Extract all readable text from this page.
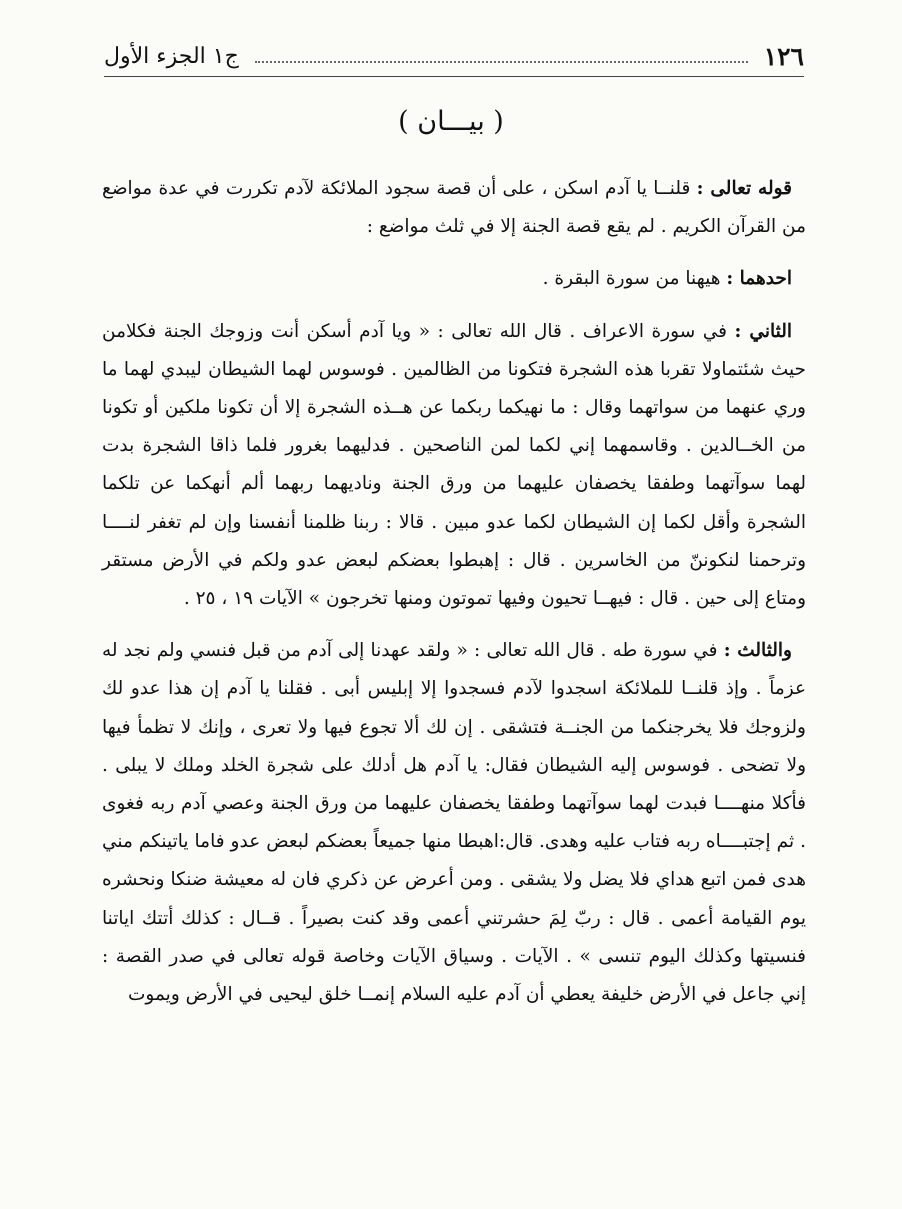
١٢٦
ج١ الجزء الأول
( بيـــان )

قوله تعالى : قلنــا يا آدم اسكن ، على أن قصة سجود الملائكة لآدم تكررت في عدة مواضع من القرآن الكريم . لم يقع قصة الجنة إلا في ثلث مواضع :

احدهما : هيهنا من سورة البقرة .

الثاني : في سورة الاعراف . قال الله تعالى : « ويا آدم أسكن أنت وزوجك الجنة فكلامن حيث شئتماولا تقربا هذه الشجرة فتكونا من الظالمين . فوسوس لهما الشيطان ليبدي لهما ما وري عنهما من سواتهما وقال : ما نهيكما ربكما عن هــذه الشجرة إلا أن تكونا ملكين أو تكونا من الخــالدين . وقاسمهما إني لكما لمن الناصحين . فدليهما بغرور فلما ذاقا الشجرة بدت لهما سوآتهما وطفقا يخصفان عليهما من ورق الجنة وناديهما ربهما ألم أنهكما عن تلكما الشجرة وأقل لكما إن الشيطان لكما عدو مبين . قالا : ربنا ظلمنا أنفسنا وإن لم تغفر لنــــا وترحمنا لنكوننّ من الخاسرين . قال : إهبطوا بعضكم لبعض عدو ولكم في الأرض مستقر ومتاع إلى حين . قال : فيهــا تحيون وفيها تموتون ومنها تخرجون » الآيات ١٩ ، ٢٥ .

والثالث : في سورة طه . قال الله تعالى : « ولقد عهدنا إلى آدم من قبل فنسي ولم نجد له عزماً . وإذ قلنــا للملائكة اسجدوا لآدم فسجدوا إلا إبليس أبى . فقلنا يا آدم إن هذا عدو لك ولزوجك فلا يخرجنكما من الجنــة فتشقى . إن لك ألا تجوع فيها ولا تعرى ، وإنك لا تظمأ فيها ولا تضحى . فوسوس إليه الشيطان فقال: يا آدم هل أدلك على شجرة الخلد وملك لا يبلى . فأكلا منهــــا فبدت لهما سوآتهما وطفقا يخصفان عليهما من ورق الجنة وعصي آدم ربه فغوى . ثم إجتبــــاه ربه فتاب عليه وهدى. قال:اهبطا منها جميعاً بعضكم لبعض عدو فاما ياتينكم مني هدى فمن اتبع هداي فلا يضل ولا يشقى . ومن أعرض عن ذكري فان له معيشة ضنكا ونحشره يوم القيامة أعمى . قال : ربّ لِمَ حشرتني أعمى وقد كنت بصيراً . قــال : كذلك أتتك اياتنا فنسيتها وكذلك اليوم تنسى » . الآيات . وسياق الآيات وخاصة قوله تعالى في صدر القصة : إني جاعل في الأرض خليفة يعطي أن آدم عليه السلام إنمــا خلق ليحيى في الأرض ويموت
